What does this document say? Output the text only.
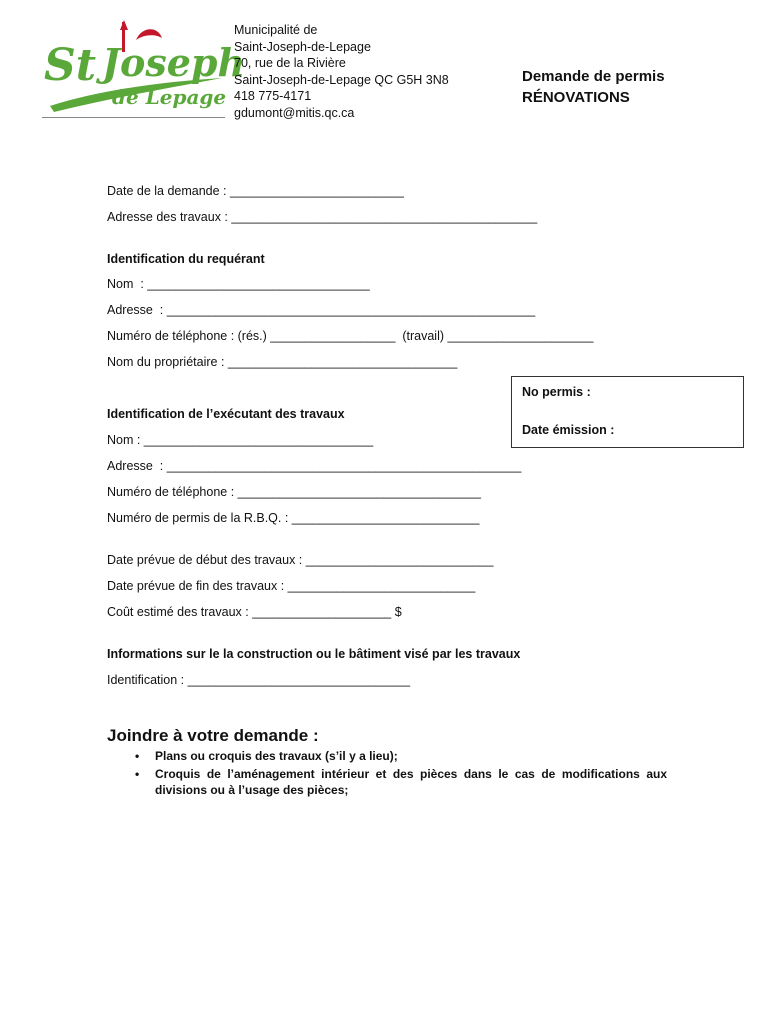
St Joseph
de Lepage
Municipalité de
Saint-Joseph-de-Lepage
70, rue de la Rivière
Saint-Joseph-de-Lepage QC G5H 3N8
418 775-4171
gdumont@mitis.qc.ca
Demande de permis
RÉNOVATIONS
Date de la demande : _________________________
Adresse des travaux : ____________________________________________
Identification du requérant
Nom  : ________________________________
Adresse  : _____________________________________________________
Numéro de téléphone : (rés.) __________________  (travail) _____________________
Nom du propriétaire : _________________________________
No permis :
Date émission :
Identification de l’exécutant des travaux
Nom : _________________________________
Adresse  : ___________________________________________________
Numéro de téléphone : ___________________________________
Numéro de permis de la R.B.Q. : ___________________________
Date prévue de début des travaux : ___________________________
Date prévue de fin des travaux : ___________________________
Coût estimé des travaux : ____________________ $
Informations sur le la construction ou le bâtiment visé par les travaux
Identification : ________________________________
Joindre à votre demande :
• Plans ou croquis des travaux (s’il y a lieu);
• Croquis de l’aménagement intérieur et des pièces dans le cas de modifications aux divisions ou à l’usage des pièces;
